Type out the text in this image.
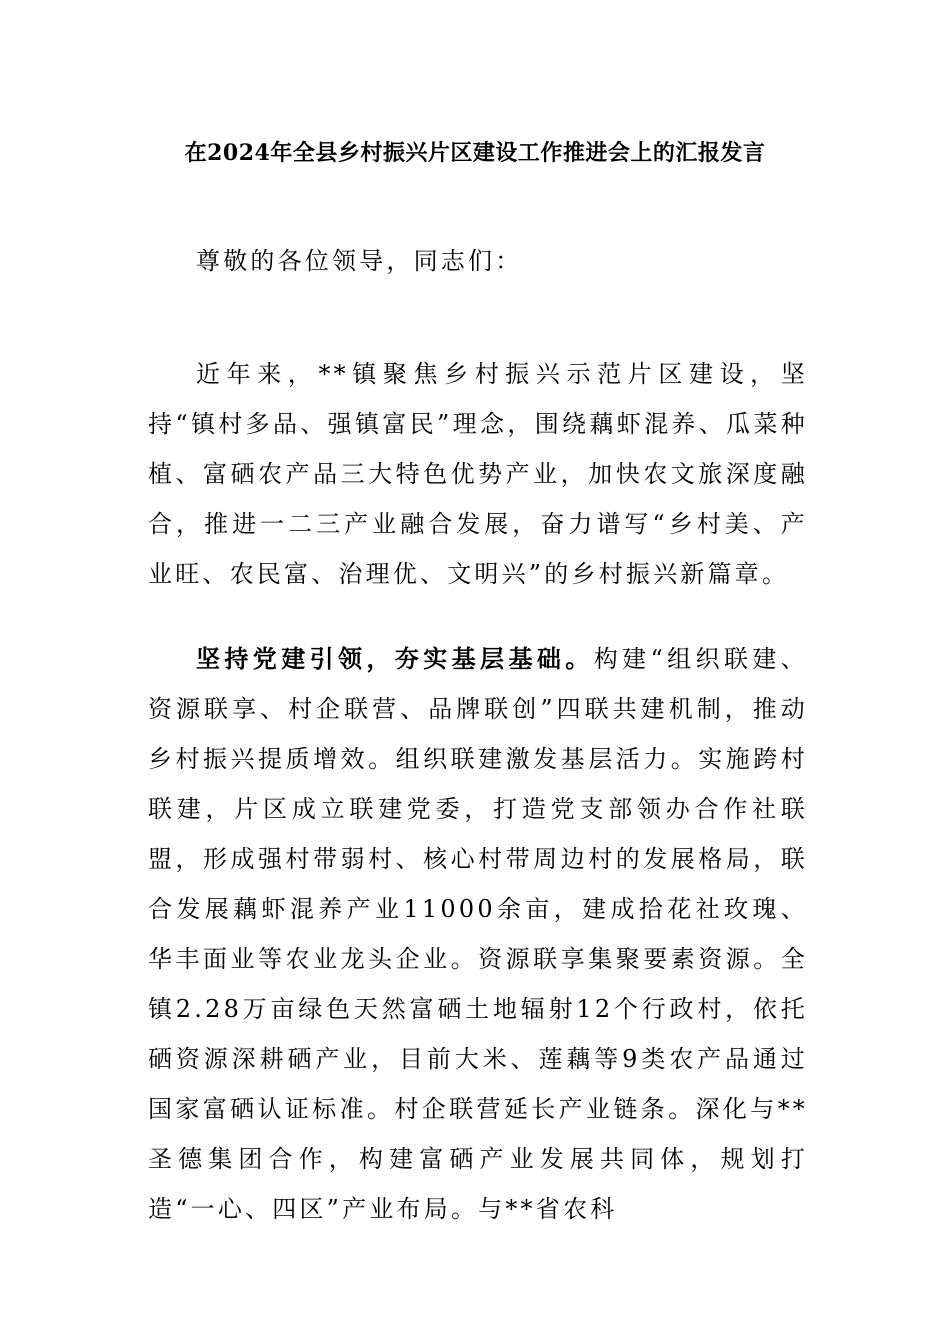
在2024年全县乡村振兴片区建设工作推进会上的汇报发言

尊敬的各位领导，同志们：

近年来，**镇聚焦乡村振兴示范片区建设，坚持“镇村多品、强镇富民”理念，围绕藕虾混养、瓜菜种植、富硒农产品三大特色优势产业，加快农文旅深度融合，推进一二三产业融合发展，奋力谱写“乡村美、产业旺、农民富、治理优、文明兴”的乡村振兴新篇章。

坚持党建引领，夯实基层基础。构建“组织联建、资源联享、村企联营、品牌联创”四联共建机制，推动乡村振兴提质增效。组织联建激发基层活力。实施跨村联建，片区成立联建党委，打造党支部领办合作社联盟，形成强村带弱村、核心村带周边村的发展格局，联合发展藕虾混养产业11000余亩，建成拾花社玫瑰、华丰面业等农业龙头企业。资源联享集聚要素资源。全镇2.28万亩绿色天然富硒土地辐射12个行政村，依托硒资源深耕硒产业，目前大米、莲藕等9类农产品通过国家富硒认证标准。村企联营延长产业链条。深化与**圣德集团合作，构建富硒产业发展共同体，规划打造“一心、四区”产业布局。与**省农科
